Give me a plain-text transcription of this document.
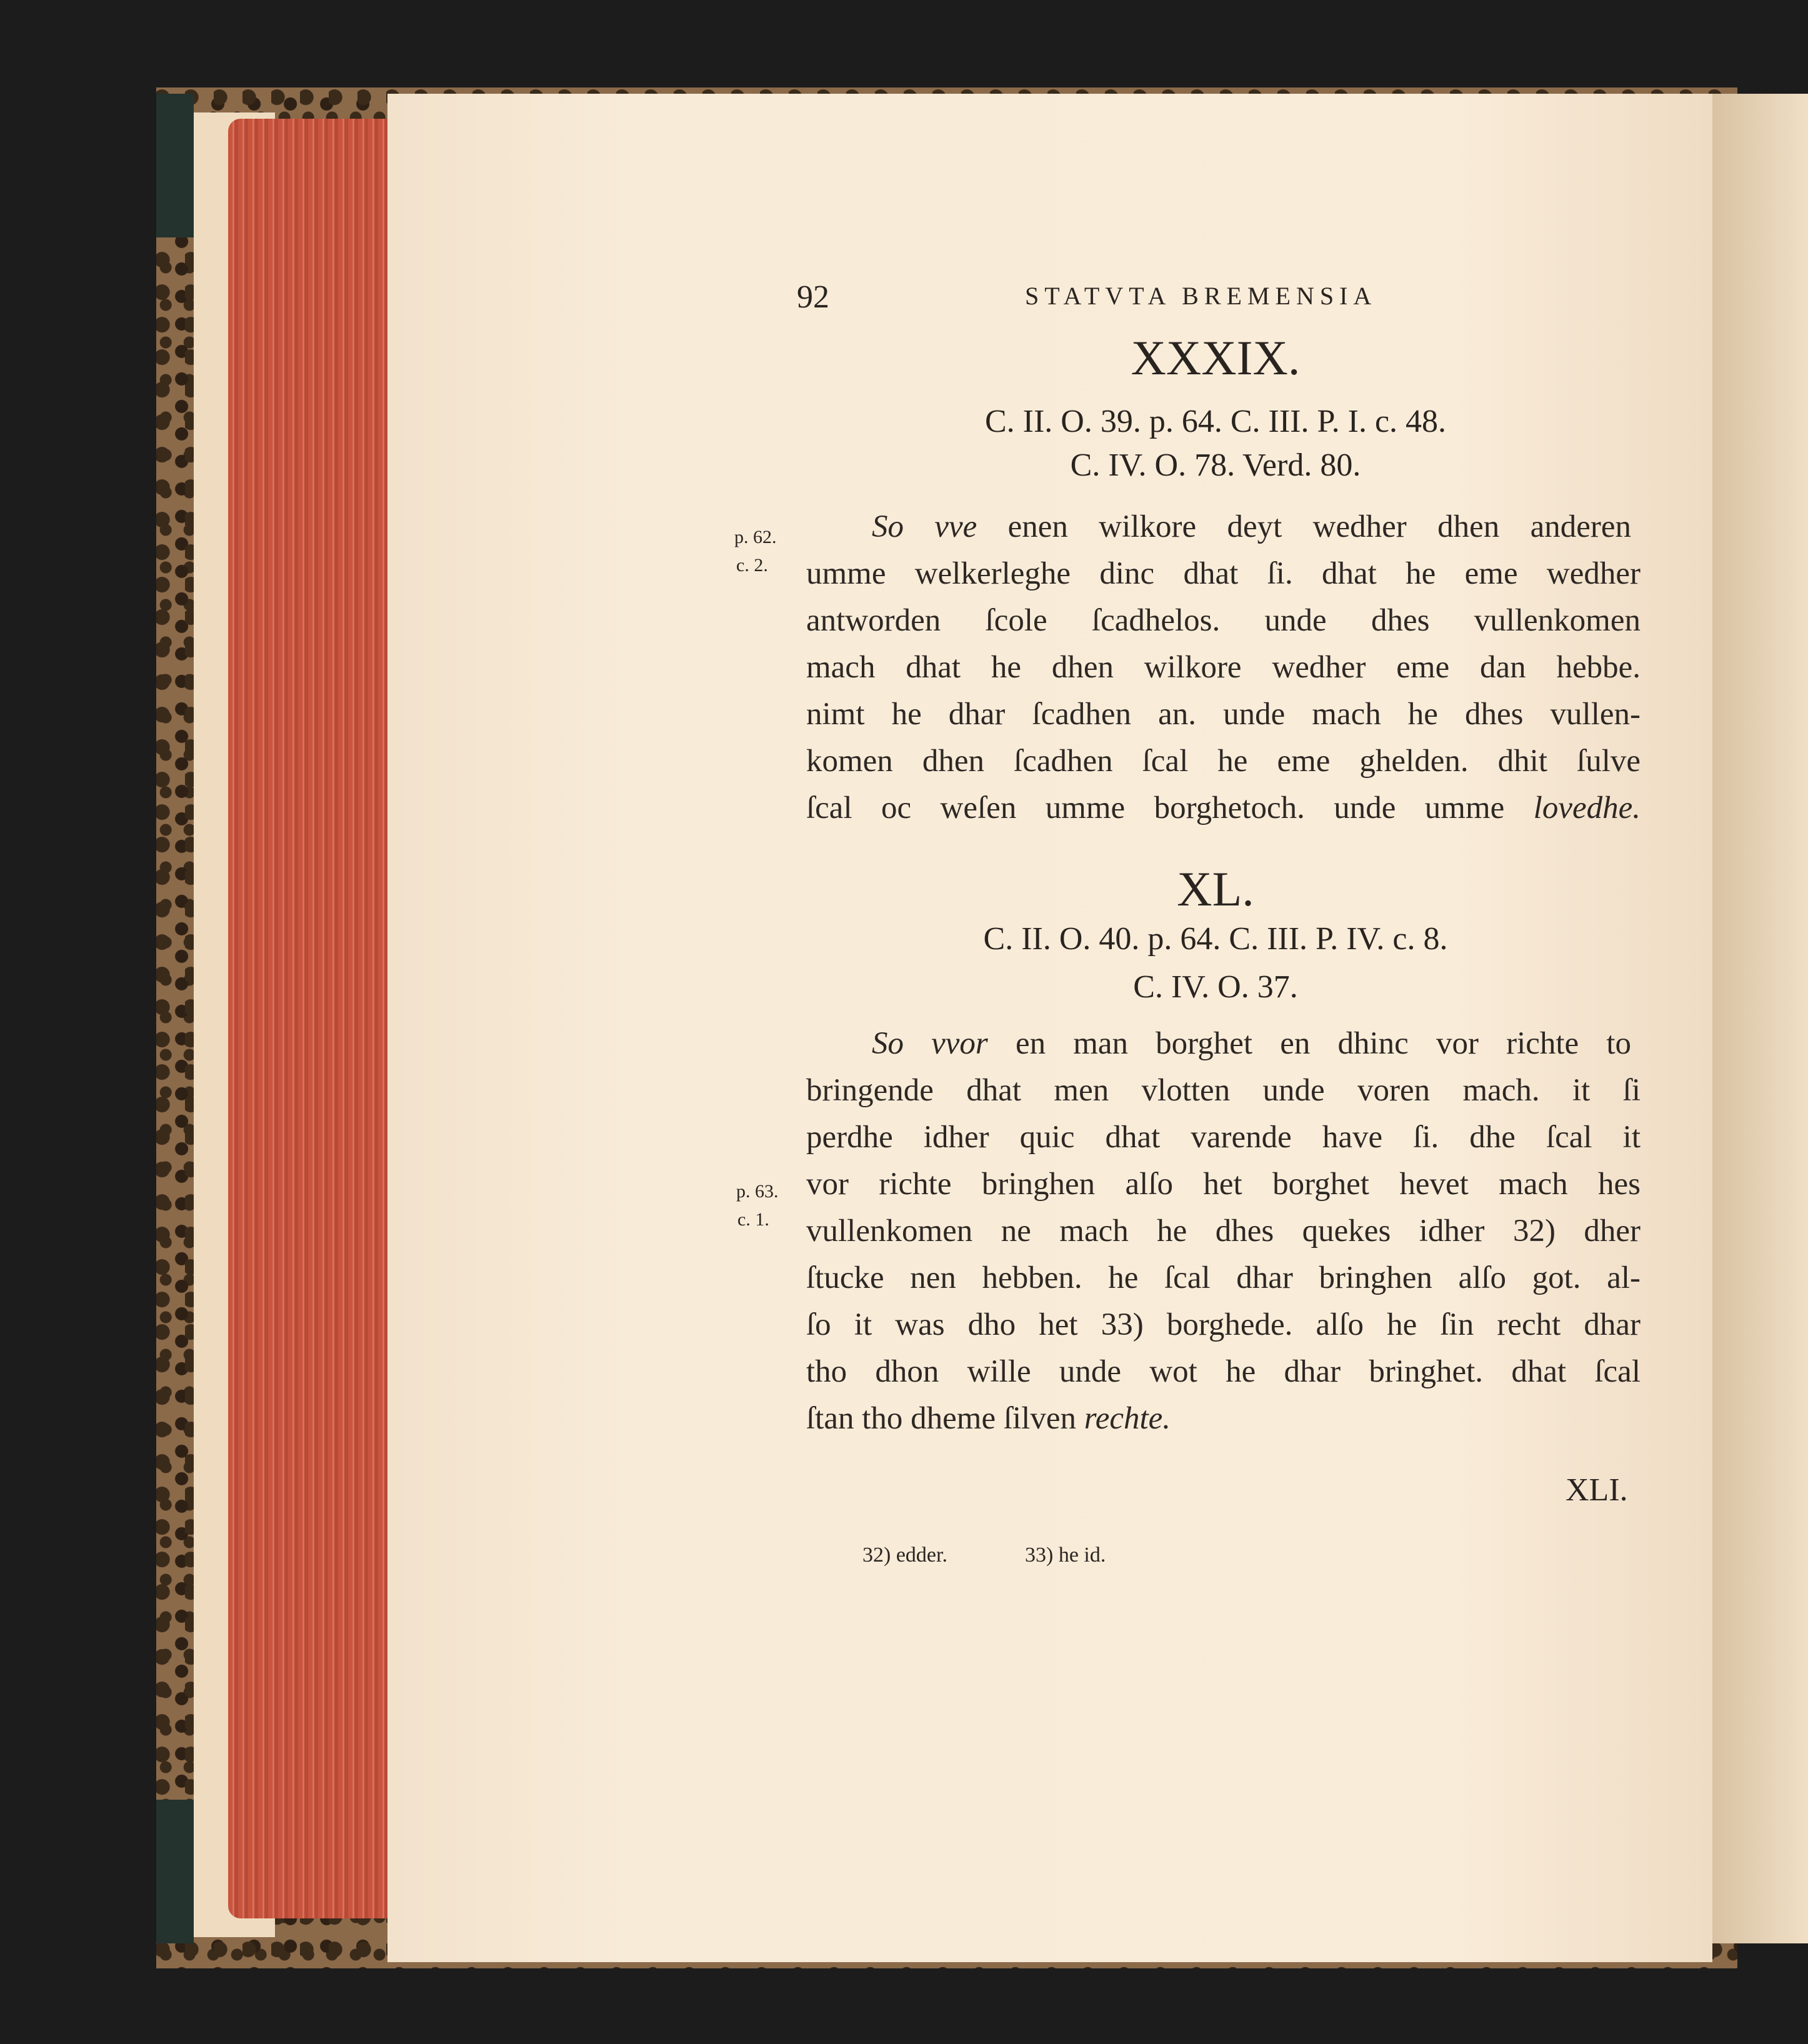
92	STATVTA BREMENSIA
XXXIX.
C. II. O. 39. p. 64. C. III. P. I. c. 48.
C. IV. O. 78. Verd. 80.
p. 62.
c. 2.
So vve enen wilkore deyt wedher dhen anderen
umme welkerleghe dinc dhat ſi. dhat he eme wedher
antworden ſcole ſcadhelos. unde dhes vullenkomen
mach dhat he dhen wilkore wedher eme dan hebbe.
nimt he dhar ſcadhen an. unde mach he dhes vullen-
komen dhen ſcadhen ſcal he eme ghelden. dhit ſulve
ſcal oc weſen umme borghetoch. unde umme lovedhe.
XL.
C. II. O. 40. p. 64. C. III. P. IV. c. 8.
C. IV. O. 37.
So vvor en man borghet en dhinc vor richte to
bringende dhat men vlotten unde voren mach. it ſi
perdhe idher quic dhat varende have ſi. dhe ſcal it
p. 63.
c. 1.
vor richte bringhen alſo het borghet hevet mach hes
vullenkomen ne mach he dhes quekes idher 32) dher
ſtucke nen hebben. he ſcal dhar bringhen alſo got. al-
ſo it was dho het 33) borghede. alſo he ſin recht dhar
tho dhon wille unde wot he dhar bringhet. dhat ſcal
ſtan tho dheme ſilven rechte.
XLI.
32) edder.	33) he id.
